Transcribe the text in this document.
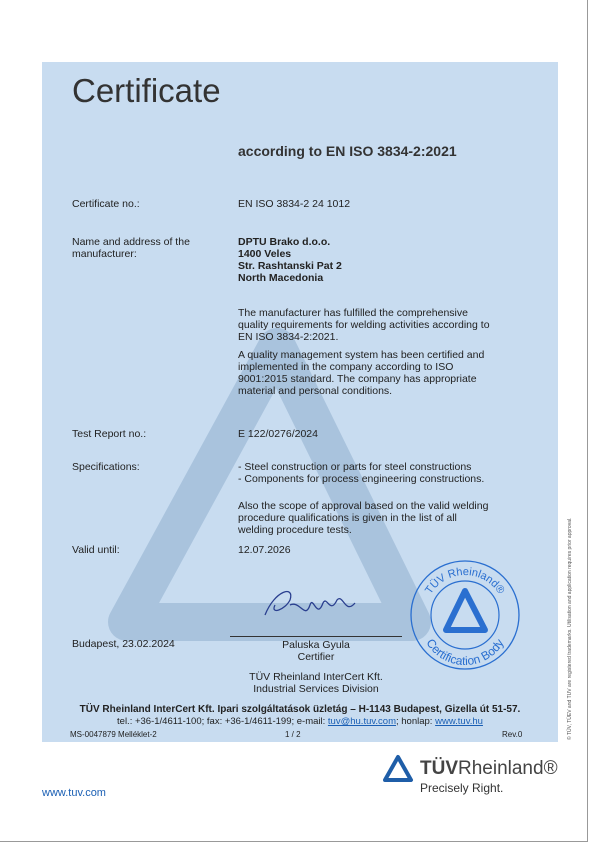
Certificate
according to EN ISO 3834-2:2021
Certificate no.:	EN ISO 3834-2 24 1012
Name and address of the
manufacturer:
DPTU Brako d.o.o.
1400 Veles
Str. Rashtanski Pat 2
North Macedonia
The manufacturer has fulfilled the comprehensive
quality requirements for welding activities according to
EN ISO 3834-2:2021.
A quality management system has been certified and
implemented in the company according to ISO
9001:2015 standard. The company has appropriate
material and personal conditions.
Test Report no.:	E 122/0276/2024
Specifications:	- Steel construction or parts for steel constructions
- Components for process engineering constructions.
Also the scope of approval based on the valid welding
procedure qualifications is given in the list of all
welding procedure tests.
Valid until:	12.07.2026
Budapest, 23.02.2024	Paluska Gyula
Certifier
TÜV Rheinland InterCert Kft.
Industrial Services Division
TÜV Rheinland®
Certification Body
TÜV Rheinland InterCert Kft. Ipari szolgáltatások üzletág – H-1143 Budapest, Gizella út 51-57.
tel.: +36-1/4611-100; fax: +36-1/4611-199; e-mail: tuv@hu.tuv.com; honlap: www.tuv.hu
MS-0047879 Melléklet-2	1 / 2	Rev.0	© TÜV, TÜEV and TUV are registered trademarks. Utilisation and application requires prior approval.
TÜVRheinland®
Precisely Right.
www.tuv.com
